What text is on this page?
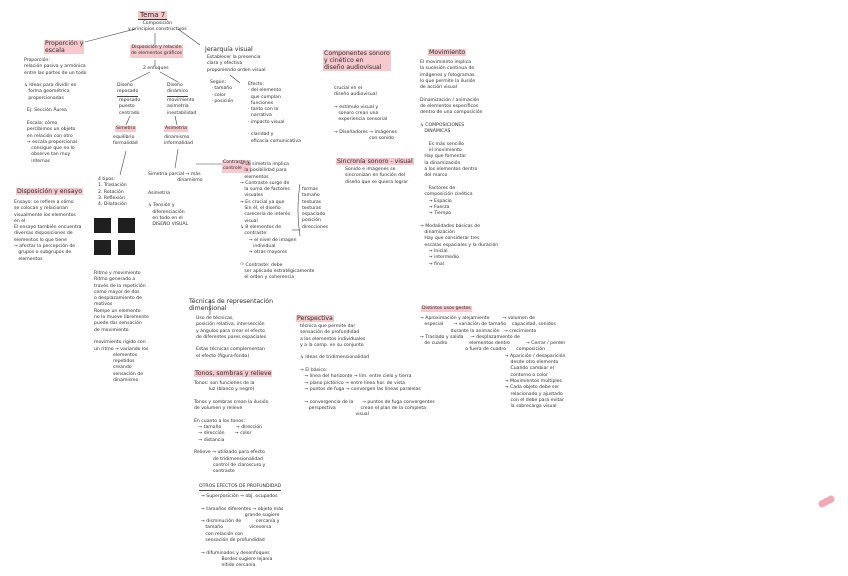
Tema 7
Composición
y principios constructivos
Disposición y relación
de elementos gráficos
2 enfoques
Proporción y
escala
Proporción:
relación pasiva y armónica
entre las partes de un todo

↳ Ideas para dividir en
forma geométrica
proporcionadas

Ej: Sección Áurea

Escala: cómo
percibimos un objeto
en relación con otro
→ escala proporcional
consigue que no lo
observe tan muy
internas
Disposición y ensayo
Ensayo: se refiere a cómo
se colocan y relacionan
visualmente los elementos
en el
El ensayo también encuentra
diversas disposiciones de
elementos lo que tiene
→ afectar la percepción de
grupos o subgrupos de
elementos
Diseño
reposado
reposado
puesto
centrado
Simetría
equilibrio
formalidad
Diseño
dinámico
movimiento
asimetría
inestabilidad
Asimetría
dinamismo
informalidad
4 tipos:
1. Traslación
2. Rotación
3. Reflexión
4. Dilatación
Ritmo y movimiento
Ritmo generado a
través de la repetición
como mayor de dos
o desplazamiento de
motivos
Rompe un elemento
no lo mueve libremente
puede dar sensación
de movimiento

movimiento rígido con
un ritmo → variando los
elementos
repetidos
creando
sensación de
dinamismo
Simetría parcial → más
dinamismo

Asimetría

↳ Tensión y
diferenciación
en todo en el
DISEÑO VISUAL
Contraste y
controle
→ La simetría implica
la posibilidad para
elementos
→ Contraste surge de
la suma de factores
visuales
→ Es crucial ya que
Sin él, el diseño
carecería de interés
visual
↳ 8 elementos de
contraste:
→ el nivel de imagen
individual
→ otras mayores

⁽¹⁾ Contraste: debe
ser aplicado estratégicamente
el orden y coherencia
formas
tamaño
texturas
texturas
espaciado
posición
direcciones
Jerarquía visual
Establecer la presencia
clara y efectiva
proponiendo orden visual
Según:
· tamaño
· color
· posición
Efecto:
· del elemento
que cumplan
funciones
· tanto con la
narrativa
· impacto visual

· claridad y
eficacia comunicativa
Técnicas de representación
dimensional
Uso de técnicas,
posición relativa, intersección
y ángulos para crear el efecto
de diferentes pares espaciales

Estas técnicas complementan
el efecto (figura-fondo)
Tonos, sombras y relieve
Tonos: son funciones de la
luz (blanco y negro)

Tonos y sombras crean la ilusión
de volumen y relieve

En cuanto a los tonos:
→ tamaño          → dirección
→ dirección       → color
→ distancia

Relieve → utilizado para efecto
de tridimensionalidad
control de claroscuro y
contraste
OTROS EFECTOS DE PROFUNDIDAD
→ Superposición → obj. ocupados

→ tamaños diferentes → objeto más
grande sugiere
→ disminución de          cercanía y
tamaño                  viceversa
con relación con
sensación de profundidad

→ difuminados y desenfoques
Bordes sugiere lejanía
nítido cercanía
Perspectiva
técnica que permite dar
sensación de profundidad
a los elementos individuales
y a la comp. en su conjunto

↳ Ideas de tridimensionalidad

→ El básico:
→ línea del horizonte → lím. entre cielo y tierra
→ plano pictórico → entre línea hor. de vista
→ puntos de fuga → convergen las líneas paralelas

→ convergencia de la      → puntos de fuga convergentes
perspectiva                 crean el plan de la completa
visual
Componentes sonoro
y cinético en
diseño audiovisual
crucial en el
diseño audiovisual

→ estímulo visual y
sonoro crean una
experiencia sensorial

→ Diseñadores → imágenes
con sonido
Sincronía sonoro - visual
Sonido e imágenes se
sincronizan en función del
diseño que se quiera lograr
Movimiento
El movimiento implica
la sucesión continua de
imágenes y fotogramas
lo que permite la ilusión
de acción visual

Dinamización / animación
de elementos específicos
dentro de una composición

↳ COMPOSICIONES
DINÁMICAS

Es más sencillo
el movimiento
Hay que fomentar
la dinamización
a los elementos dentro
del marco

Factores de
composición cinética
→ Espacio
→ Fuerza
→ Tiempo

→ Modalidades básicas de
dinamización
Hay que considerar tres
escalas espaciales y la duración
→ Inicial
→ intermedio
→ final
Distintos usos gestos
→ Aproximación y alejamiento         → volumen de
especial       → variación de tamaño    capacidad, sonidos
durante la animación   → crecimiento
→ Traslado y salida     → desplazamiento de
de cuadro               elementos dentro           → Cerrar / perder
o fuera de cuadro       composición
→ Aparición / desaparición
desde otro elemento
Cuando cambiar el
contorno o color
→ Movimientos múltiples
→ Cada objeto debe ser
relacionado y ajustado
con el debe para evitar
la sobrecarga visual
